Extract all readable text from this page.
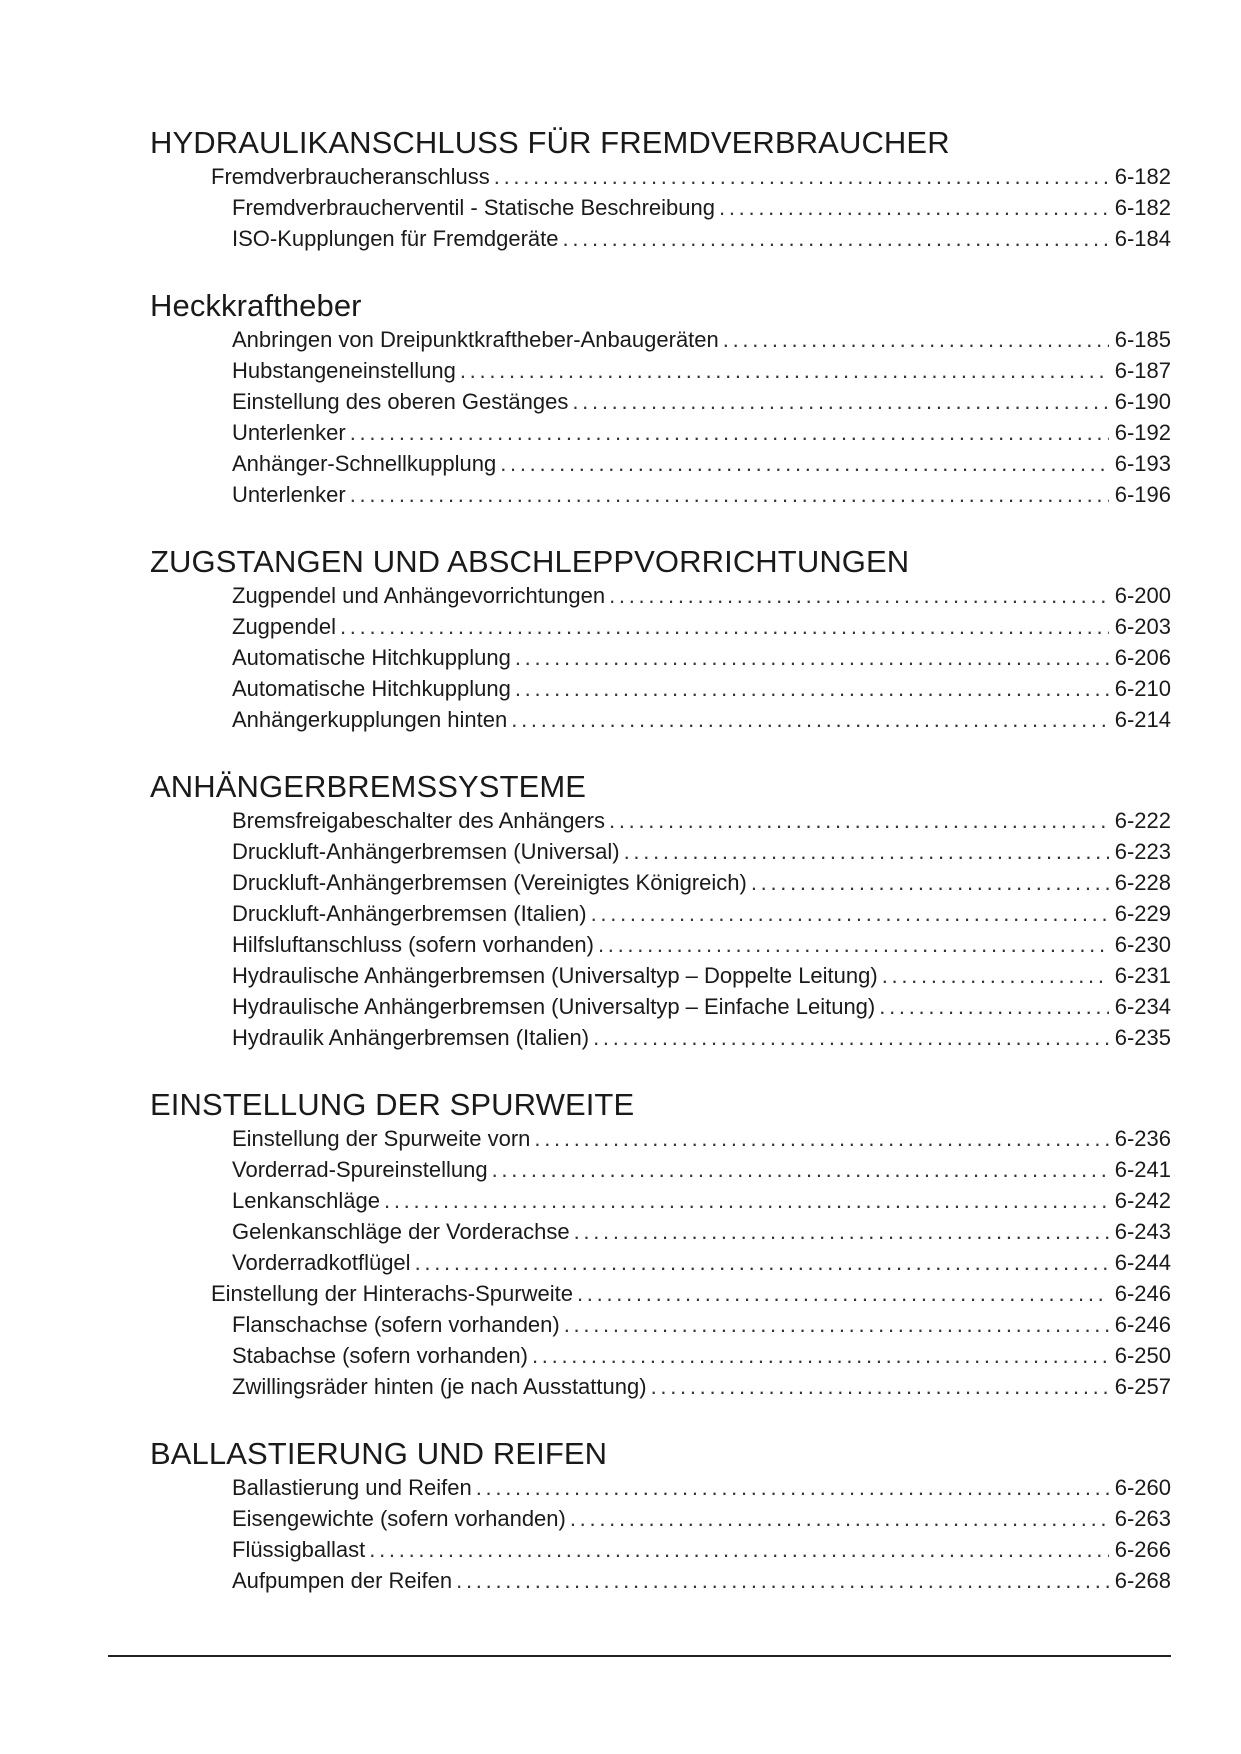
HYDRAULIKANSCHLUSS FÜR FREMDVERBRAUCHER
Fremdverbraucheranschluss . . .	6-182
Fremdverbraucherventil - Statische Beschreibung . . .	6-182
ISO-Kupplungen für Fremdgeräte . . .	6-184
Heckkraftheber
Anbringen von Dreipunktkraftheber-Anbaugeräten . . .	6-185
Hubstangeneinstellung . . .	6-187
Einstellung des oberen Gestänges . . .	6-190
Unterlenker . . .	6-192
Anhänger-Schnellkupplung . . .	6-193
Unterlenker . . .	6-196
ZUGSTANGEN UND ABSCHLEPPVORRICHTUNGEN
Zugpendel und Anhängevorrichtungen . . .	6-200
Zugpendel . . .	6-203
Automatische Hitchkupplung . . .	6-206
Automatische Hitchkupplung . . .	6-210
Anhängerkupplungen hinten . . .	6-214
ANHÄNGERBREMSSYSTEME
Bremsfreigabeschalter des Anhängers . . .	6-222
Druckluft-Anhängerbremsen (Universal) . . .	6-223
Druckluft-Anhängerbremsen (Vereinigtes Königreich) . . .	6-228
Druckluft-Anhängerbremsen (Italien) . . .	6-229
Hilfsluftanschluss (sofern vorhanden) . . .	6-230
Hydraulische Anhängerbremsen (Universaltyp – Doppelte Leitung) . . .	6-231
Hydraulische Anhängerbremsen (Universaltyp – Einfache Leitung) . . .	6-234
Hydraulik Anhängerbremsen (Italien) . . .	6-235
EINSTELLUNG DER SPURWEITE
Einstellung der Spurweite vorn . . .	6-236
Vorderrad-Spureinstellung . . .	6-241
Lenkanschläge . . .	6-242
Gelenkanschläge der Vorderachse . . .	6-243
Vorderradkotflügel . . .	6-244
Einstellung der Hinterachs-Spurweite . . .	6-246
Flanschachse (sofern vorhanden) . . .	6-246
Stabachse (sofern vorhanden) . . .	6-250
Zwillingsräder hinten (je nach Ausstattung) . . .	6-257
BALLASTIERUNG UND REIFEN
Ballastierung und Reifen . . .	6-260
Eisengewichte (sofern vorhanden) . . .	6-263
Flüssigballast . . .	6-266
Aufpumpen der Reifen . . .	6-268
